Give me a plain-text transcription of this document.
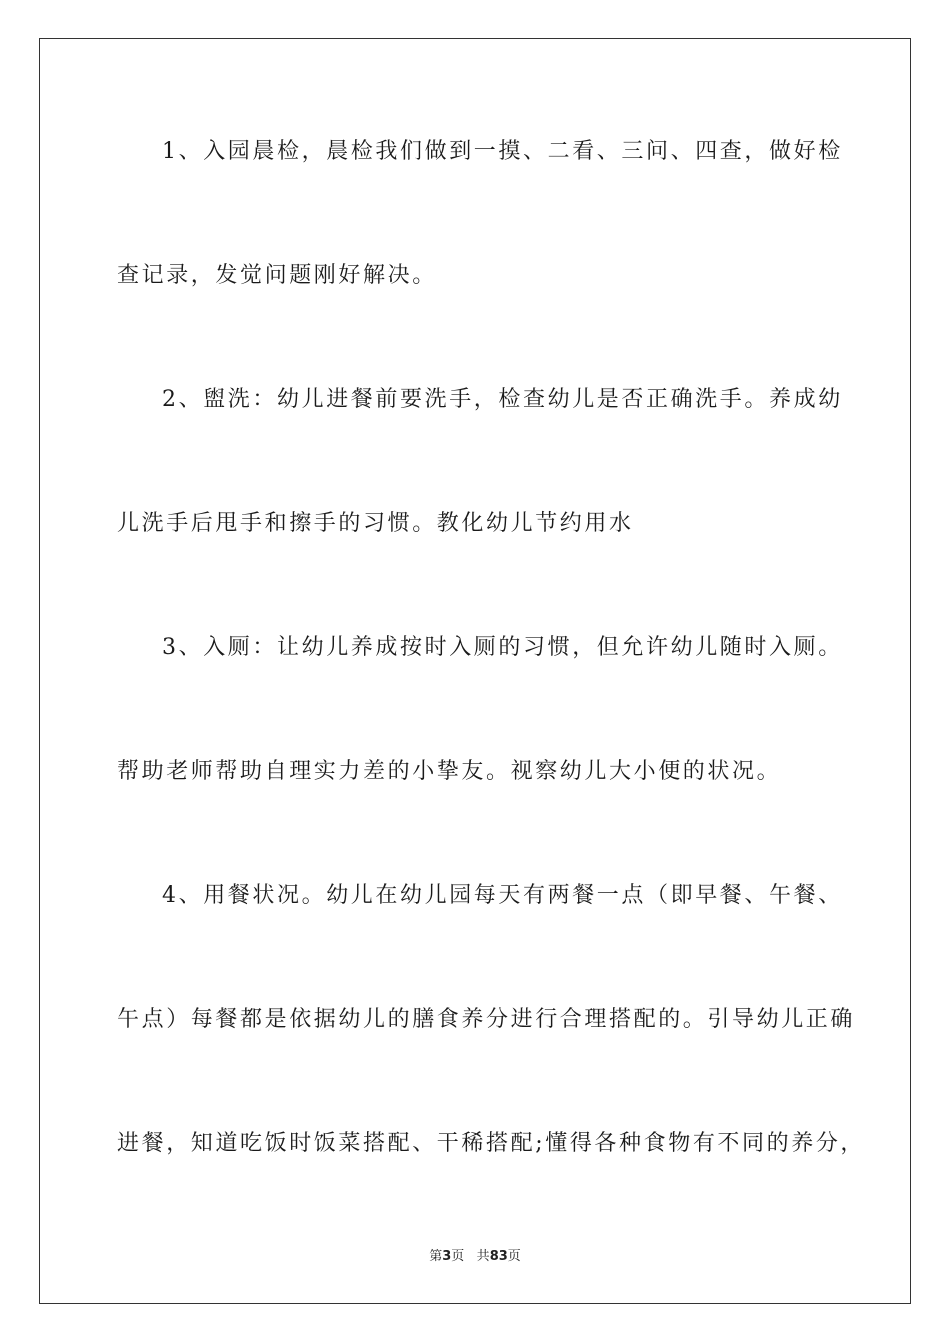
1、入园晨检，晨检我们做到一摸、二看、三问、四查，做好检
查记录，发觉问题刚好解决。
2、盥洗：幼儿进餐前要洗手，检查幼儿是否正确洗手。养成幼
儿洗手后甩手和擦手的习惯。教化幼儿节约用水
3、入厕：让幼儿养成按时入厕的习惯，但允许幼儿随时入厕。
帮助老师帮助自理实力差的小挚友。视察幼儿大小便的状况。
4、用餐状况。幼儿在幼儿园每天有两餐一点（即早餐、午餐、
午点）每餐都是依据幼儿的膳食养分进行合理搭配的。引导幼儿正确
进餐，知道吃饭时饭菜搭配、干稀搭配;懂得各种食物有不同的养分，
第3页 共83页
